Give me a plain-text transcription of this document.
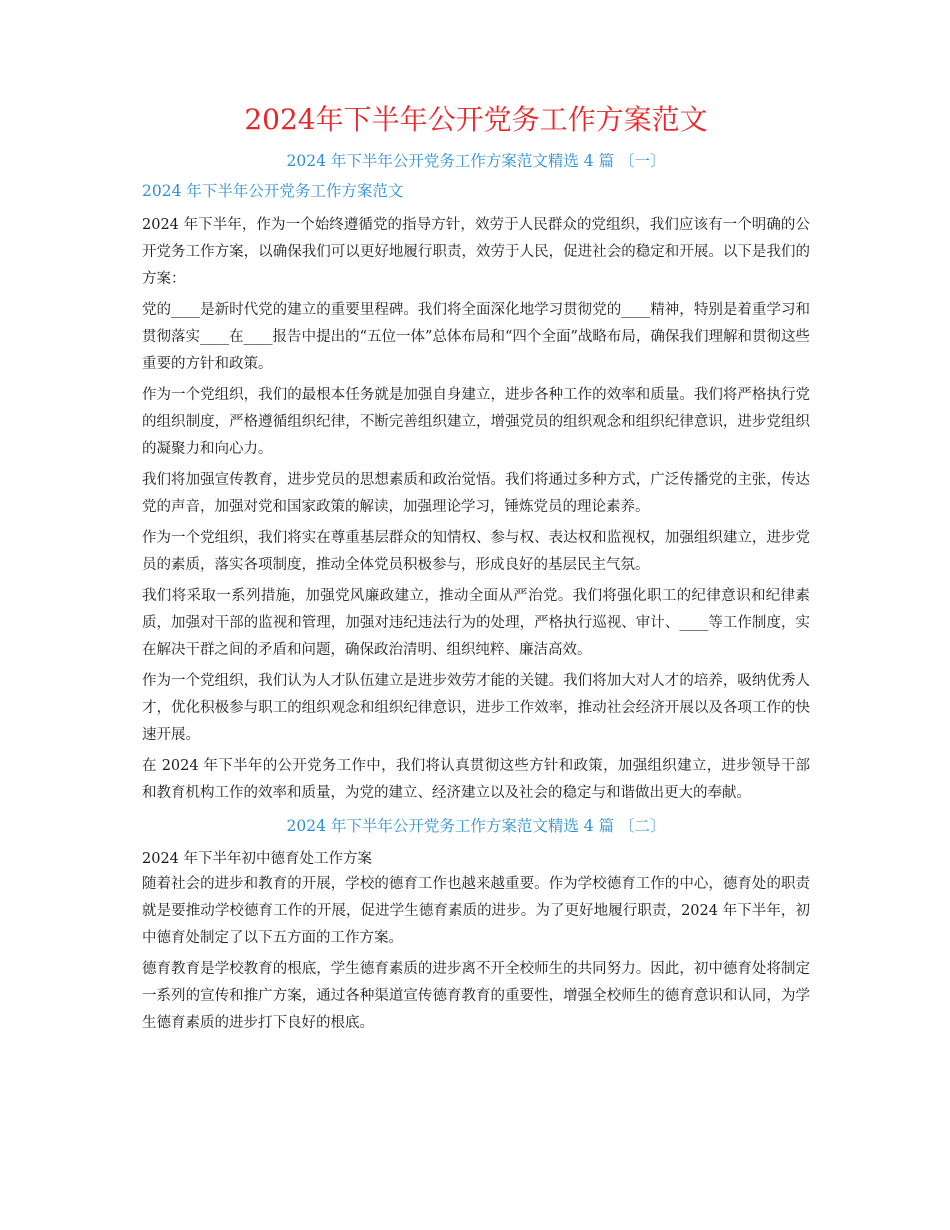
2024年下半年公开党务工作方案范文
2024 年下半年公开党务工作方案范文精选 4 篇 〔一〕
2024 年下半年公开党务工作方案范文

2024 年下半年，作为一个始终遵循党的指导方针，效劳于人民群众的党组织，我们应该有一个明确的公开党务工作方案，以确保我们可以更好地履行职责，效劳于人民，促进社会的稳定和开展。以下是我们的方案：

党的____是新时代党的建立的重要里程碑。我们将全面深化地学习贯彻党的____精神，特别是着重学习和贯彻落实____在____报告中提出的“五位一体”总体布局和“四个全面”战略布局，确保我们理解和贯彻这些重要的方针和政策。

作为一个党组织，我们的最根本任务就是加强自身建立，进步各种工作的效率和质量。我们将严格执行党的组织制度，严格遵循组织纪律，不断完善组织建立，增强党员的组织观念和组织纪律意识，进步党组织的凝聚力和向心力。

我们将加强宣传教育，进步党员的思想素质和政治觉悟。我们将通过多种方式，广泛传播党的主张，传达党的声音，加强对党和国家政策的解读，加强理论学习，锤炼党员的理论素养。

作为一个党组织，我们将实在尊重基层群众的知情权、参与权、表达权和监视权，加强组织建立，进步党员的素质，落实各项制度，推动全体党员积极参与，形成良好的基层民主气氛。

我们将采取一系列措施，加强党风廉政建立，推动全面从严治党。我们将强化职工的纪律意识和纪律素质，加强对干部的监视和管理，加强对违纪违法行为的处理，严格执行巡视、审计、____等工作制度，实在解决干群之间的矛盾和问题，确保政治清明、组织纯粹、廉洁高效。

作为一个党组织，我们认为人才队伍建立是进步效劳才能的关键。我们将加大对人才的培养，吸纳优秀人才，优化积极参与职工的组织观念和组织纪律意识，进步工作效率，推动社会经济开展以及各项工作的快速开展。

在 2024 年下半年的公开党务工作中，我们将认真贯彻这些方针和政策，加强组织建立，进步领导干部和教育机构工作的效率和质量，为党的建立、经济建立以及社会的稳定与和谐做出更大的奉献。

2024 年下半年公开党务工作方案范文精选 4 篇 〔二〕

2024 年下半年初中德育处工作方案

随着社会的进步和教育的开展，学校的德育工作也越来越重要。作为学校德育工作的中心，德育处的职责就是要推动学校德育工作的开展，促进学生德育素质的进步。为了更好地履行职责，2024 年下半年，初中德育处制定了以下五方面的工作方案。

德育教育是学校教育的根底，学生德育素质的进步离不开全校师生的共同努力。因此，初中德育处将制定一系列的宣传和推广方案，通过各种渠道宣传德育教育的重要性，增强全校师生的德育意识和认同，为学生德育素质的进步打下良好的根底。
